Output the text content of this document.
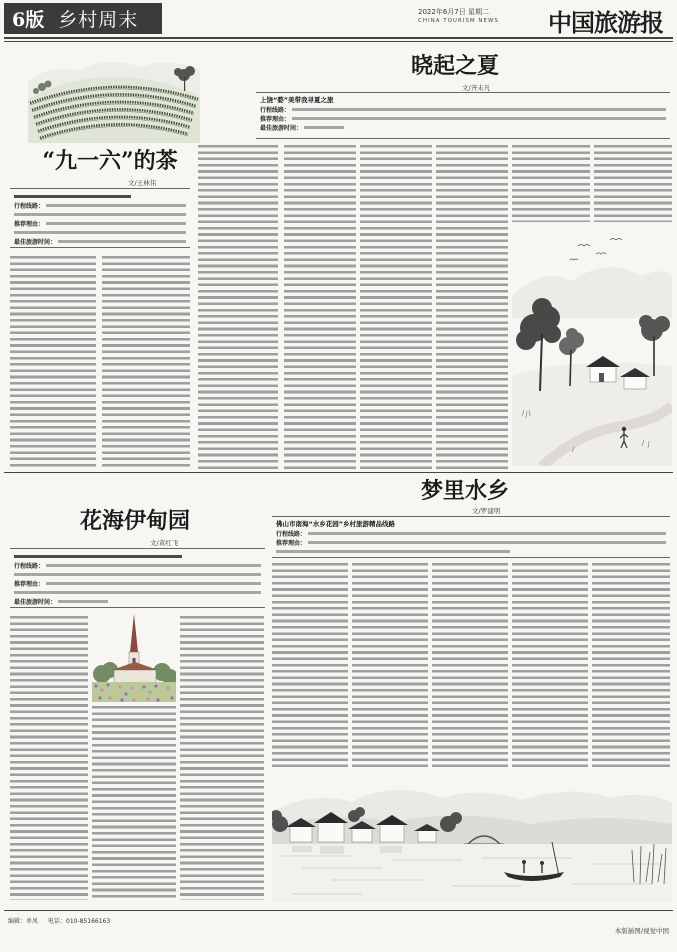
6版 乡村周末	2022年6月7日 星期二
CHINA TOURISM NEWS 中国旅游报
“九一六”的茶
文/王林伟
行程线路：
推荐理由：
最佳旅游时间：
晓起之夏
文/齐未凡
上饶“婺”美带我寻夏之旅
行程线路：
推荐理由：
最佳旅游时间：
花海伊甸园
文/黄红飞
行程线路：
推荐理由：
最佳旅游时间：
梦里水乡
文/罗建明
佛山市南海“水乡花园”乡村旅游精品线路
行程线路：
推荐理由：
编辑：单凤 电话：010-85166163
本版插图/视觉中国
